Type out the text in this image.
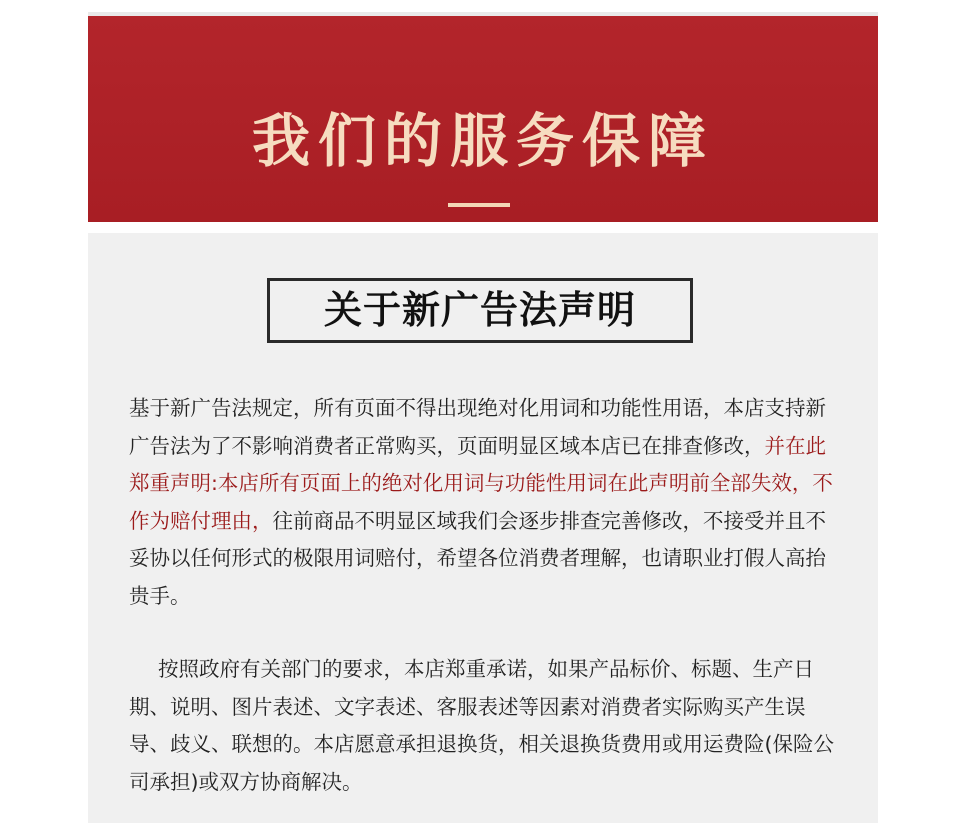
我们的服务保障
关于新广告法声明

基于新广告法规定，所有页面不得出现绝对化用词和功能性用语，本店支持新广告法为了不影响消费者正常购买，页面明显区域本店已在排查修改，并在此郑重声明:本店所有页面上的绝对化用词与功能性用词在此声明前全部失效，不作为赔付理由，往前商品不明显区域我们会逐步排查完善修改，不接受并且不妥协以任何形式的极限用词赔付，希望各位消费者理解，也请职业打假人高抬贵手。

按照政府有关部门的要求，本店郑重承诺，如果产品标价、标题、生产日期、说明、图片表述、文字表述、客服表述等因素对消费者实际购买产生误导、歧义、联想的。本店愿意承担退换货，相关退换货费用或用运费险(保险公司承担)或双方协商解决。
